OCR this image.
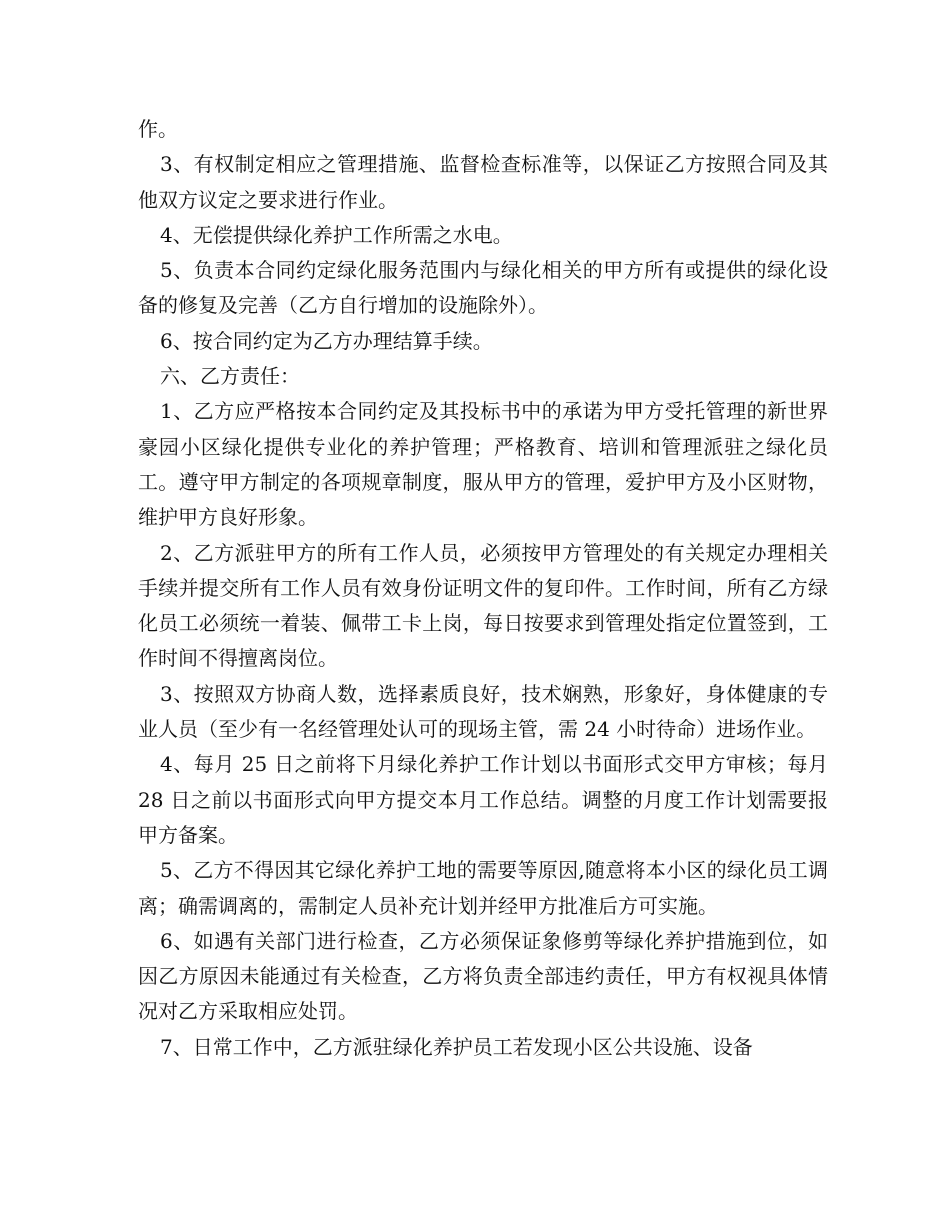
作。

3、有权制定相应之管理措施、监督检查标准等，以保证乙方按照合同及其他双方议定之要求进行作业。

4、无偿提供绿化养护工作所需之水电。

5、负责本合同约定绿化服务范围内与绿化相关的甲方所有或提供的绿化设备的修复及完善（乙方自行增加的设施除外）。

6、按合同约定为乙方办理结算手续。

六、乙方责任：

1、乙方应严格按本合同约定及其投标书中的承诺为甲方受托管理的新世界豪园小区绿化提供专业化的养护管理；严格教育、培训和管理派驻之绿化员工。遵守甲方制定的各项规章制度，服从甲方的管理，爱护甲方及小区财物，维护甲方良好形象。

2、乙方派驻甲方的所有工作人员，必须按甲方管理处的有关规定办理相关手续并提交所有工作人员有效身份证明文件的复印件。工作时间，所有乙方绿化员工必须统一着装、佩带工卡上岗，每日按要求到管理处指定位置签到，工作时间不得擅离岗位。

3、按照双方协商人数，选择素质良好，技术娴熟，形象好，身体健康的专业人员（至少有一名经管理处认可的现场主管，需 24 小时待命）进场作业。

4、每月 25 日之前将下月绿化养护工作计划以书面形式交甲方审核；每月 28 日之前以书面形式向甲方提交本月工作总结。调整的月度工作计划需要报甲方备案。

5、乙方不得因其它绿化养护工地的需要等原因,随意将本小区的绿化员工调离；确需调离的，需制定人员补充计划并经甲方批准后方可实施。

6、如遇有关部门进行检查，乙方必须保证象修剪等绿化养护措施到位，如因乙方原因未能通过有关检查，乙方将负责全部违约责任，甲方有权视具体情况对乙方采取相应处罚。

7、日常工作中，乙方派驻绿化养护员工若发现小区公共设施、设备
